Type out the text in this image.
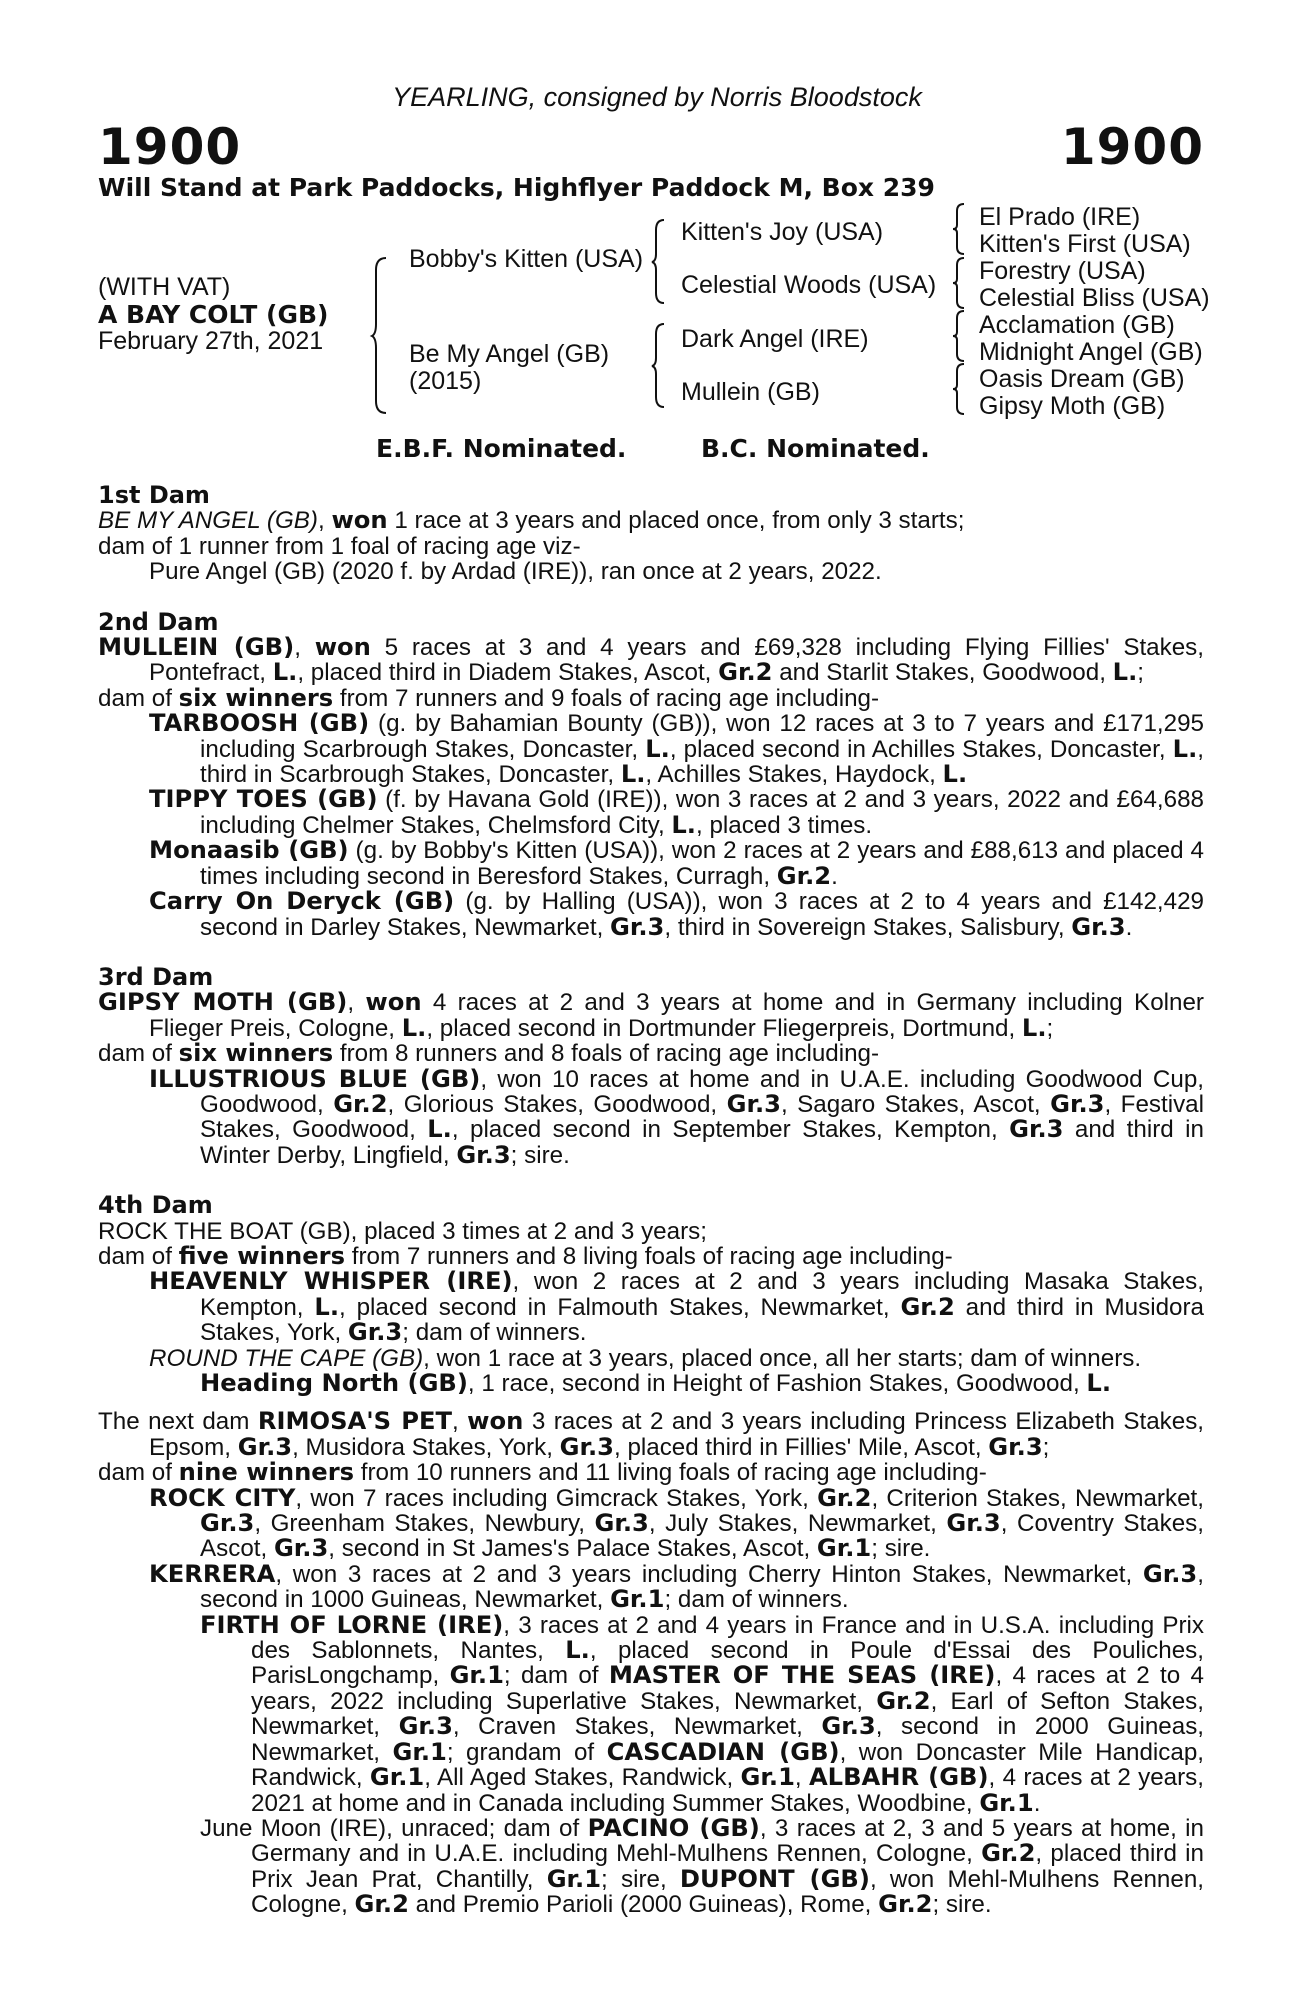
YEARLING, consigned by Norris Bloodstock
1900	1900
Will Stand at Park Paddocks, Highflyer Paddock M, Box 239
(WITH VAT)
A BAY COLT (GB)
February 27th, 2021
Bobby's Kitten (USA)
Be My Angel (GB)
(2015)
Kitten's Joy (USA)
Celestial Woods (USA)
Dark Angel (IRE)
Mullein (GB)
El Prado (IRE)
Kitten's First (USA)
Forestry (USA)
Celestial Bliss (USA)
Acclamation (GB)
Midnight Angel (GB)
Oasis Dream (GB)
Gipsy Moth (GB)
E.B.F. Nominated.	B.C. Nominated.
1st Dam
BE MY ANGEL (GB), won 1 race at 3 years and placed once, from only 3 starts;
dam of 1 runner from 1 foal of racing age viz-
Pure Angel (GB) (2020 f. by Ardad (IRE)), ran once at 2 years, 2022.
2nd Dam
MULLEIN (GB), won 5 races at 3 and 4 years and £69,328 including Flying Fillies' Stakes, Pontefract, L., placed third in Diadem Stakes, Ascot, Gr.2 and Starlit Stakes, Goodwood, L.;
dam of six winners from 7 runners and 9 foals of racing age including-
TARBOOSH (GB) (g. by Bahamian Bounty (GB)), won 12 races at 3 to 7 years and £171,295 including Scarbrough Stakes, Doncaster, L., placed second in Achilles Stakes, Doncaster, L., third in Scarbrough Stakes, Doncaster, L., Achilles Stakes, Haydock, L.
TIPPY TOES (GB) (f. by Havana Gold (IRE)), won 3 races at 2 and 3 years, 2022 and £64,688 including Chelmer Stakes, Chelmsford City, L., placed 3 times.
Monaasib (GB) (g. by Bobby's Kitten (USA)), won 2 races at 2 years and £88,613 and placed 4 times including second in Beresford Stakes, Curragh, Gr.2.
Carry On Deryck (GB) (g. by Halling (USA)), won 3 races at 2 to 4 years and £142,429 second in Darley Stakes, Newmarket, Gr.3, third in Sovereign Stakes, Salisbury, Gr.3.
3rd Dam
GIPSY MOTH (GB), won 4 races at 2 and 3 years at home and in Germany including Kolner Flieger Preis, Cologne, L., placed second in Dortmunder Fliegerpreis, Dortmund, L.;
dam of six winners from 8 runners and 8 foals of racing age including-
ILLUSTRIOUS BLUE (GB), won 10 races at home and in U.A.E. including Goodwood Cup, Goodwood, Gr.2, Glorious Stakes, Goodwood, Gr.3, Sagaro Stakes, Ascot, Gr.3, Festival Stakes, Goodwood, L., placed second in September Stakes, Kempton, Gr.3 and third in Winter Derby, Lingfield, Gr.3; sire.
4th Dam
ROCK THE BOAT (GB), placed 3 times at 2 and 3 years;
dam of five winners from 7 runners and 8 living foals of racing age including-
HEAVENLY WHISPER (IRE), won 2 races at 2 and 3 years including Masaka Stakes, Kempton, L., placed second in Falmouth Stakes, Newmarket, Gr.2 and third in Musidora Stakes, York, Gr.3; dam of winners.
ROUND THE CAPE (GB), won 1 race at 3 years, placed once, all her starts; dam of winners.
Heading North (GB), 1 race, second in Height of Fashion Stakes, Goodwood, L.
The next dam RIMOSA'S PET, won 3 races at 2 and 3 years including Princess Elizabeth Stakes, Epsom, Gr.3, Musidora Stakes, York, Gr.3, placed third in Fillies' Mile, Ascot, Gr.3;
dam of nine winners from 10 runners and 11 living foals of racing age including-
ROCK CITY, won 7 races including Gimcrack Stakes, York, Gr.2, Criterion Stakes, Newmarket, Gr.3, Greenham Stakes, Newbury, Gr.3, July Stakes, Newmarket, Gr.3, Coventry Stakes, Ascot, Gr.3, second in St James's Palace Stakes, Ascot, Gr.1; sire.
KERRERA, won 3 races at 2 and 3 years including Cherry Hinton Stakes, Newmarket, Gr.3, second in 1000 Guineas, Newmarket, Gr.1; dam of winners.
FIRTH OF LORNE (IRE), 3 races at 2 and 4 years in France and in U.S.A. including Prix des Sablonnets, Nantes, L., placed second in Poule d'Essai des Pouliches, ParisLongchamp, Gr.1; dam of MASTER OF THE SEAS (IRE), 4 races at 2 to 4 years, 2022 including Superlative Stakes, Newmarket, Gr.2, Earl of Sefton Stakes, Newmarket, Gr.3, Craven Stakes, Newmarket, Gr.3, second in 2000 Guineas, Newmarket, Gr.1; grandam of CASCADIAN (GB), won Doncaster Mile Handicap, Randwick, Gr.1, All Aged Stakes, Randwick, Gr.1, ALBAHR (GB), 4 races at 2 years, 2021 at home and in Canada including Summer Stakes, Woodbine, Gr.1.
June Moon (IRE), unraced; dam of PACINO (GB), 3 races at 2, 3 and 5 years at home, in Germany and in U.A.E. including Mehl-Mulhens Rennen, Cologne, Gr.2, placed third in Prix Jean Prat, Chantilly, Gr.1; sire, DUPONT (GB), won Mehl-Mulhens Rennen, Cologne, Gr.2 and Premio Parioli (2000 Guineas), Rome, Gr.2; sire.
